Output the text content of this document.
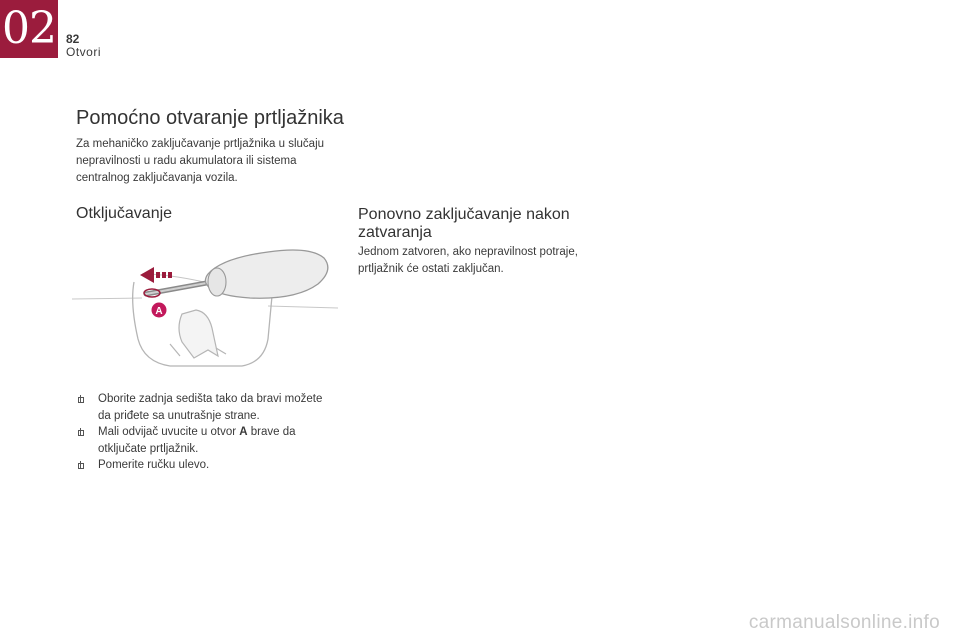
02 82
Otvori
Pomoćno otvaranje prtljažnika

Za mehaničko zaključavanje prtljažnika u slučaju nepravilnosti u radu akumulatora ili sistema centralnog zaključavanja vozila.

Otključavanje
A
Oborite zadnja sedišta tako da bravi možete da priđete sa unutrašnje strane.
Mali odvijač uvucite u otvor A brave da otključate prtljažnik.
Pomerite ručku ulevo.
Ponovno zaključavanje nakon zatvaranja

Jednom zatvoren, ako nepravilnost potraje, prtljažnik će ostati zaključan.

carmanualsonline.info
